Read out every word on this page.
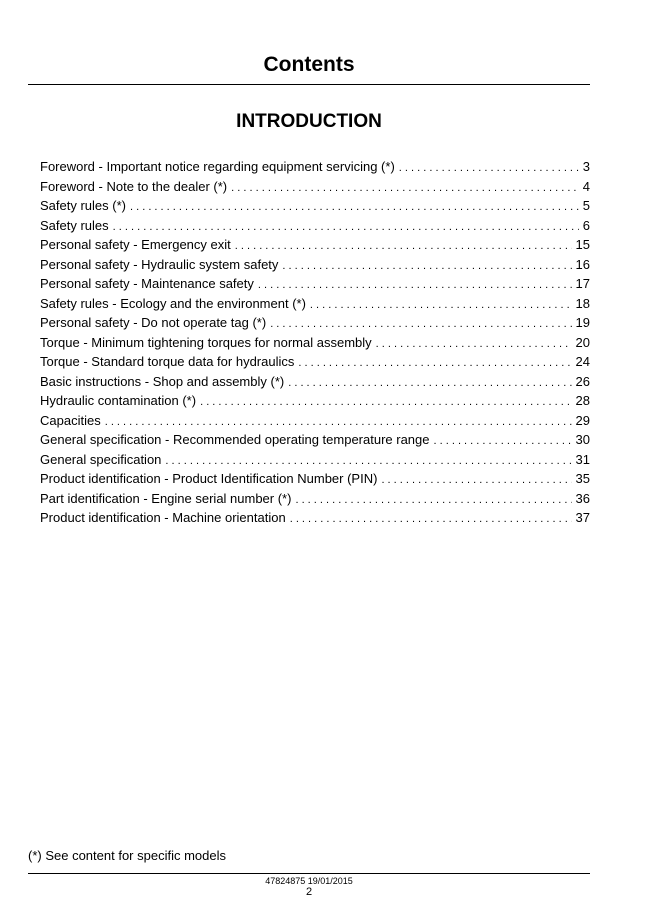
Contents
INTRODUCTION
Foreword - Important notice regarding equipment servicing (*) . . .	3
Foreword - Note to the dealer (*) . . .	4
Safety rules (*) . . .	5
Safety rules . . .	6
Personal safety - Emergency exit . . .	15
Personal safety - Hydraulic system safety . . .	16
Personal safety - Maintenance safety . . .	17
Safety rules - Ecology and the environment (*) . . .	18
Personal safety - Do not operate tag (*) . . .	19
Torque - Minimum tightening torques for normal assembly . . .	20
Torque - Standard torque data for hydraulics . . .	24
Basic instructions - Shop and assembly (*) . . .	26
Hydraulic contamination (*) . . .	28
Capacities . . .	29
General specification - Recommended operating temperature range . . .	30
General specification . . .	31
Product identification - Product Identification Number (PIN) . . .	35
Part identification - Engine serial number (*) . . .	36
Product identification - Machine orientation . . .	37
(*) See content for specific models
47824875 19/01/2015
2
